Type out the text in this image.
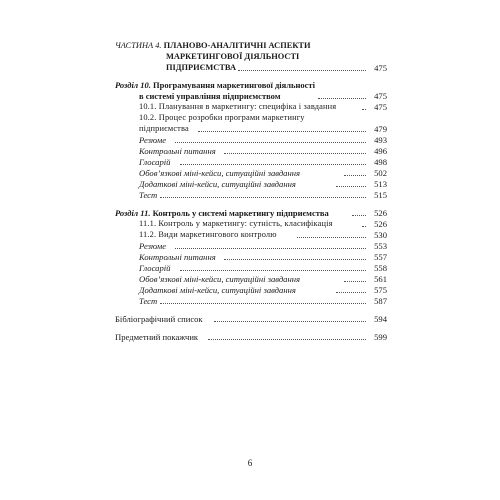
ЧАСТИНА 4. ПЛАНОВО-АНАЛІТИЧНІ АСПЕКТИ
МАРКЕТИНГОВОЇ ДІЯЛЬНОСТІ
ПІДПРИЄМСТВА	475
Розділ 10. Програмування маркетингової діяльності
в системі управління підприємством	475
10.1. Планування в маркетингу: специфіка і завдання	475
10.2. Процес розробки програми маркетингу
підприємства	479
Резюме	493
Контрольні питання	496
Глосарій	498
Обов’язкові міні-кейси, ситуаційні завдання	502
Додаткові міні-кейси, ситуаційні завдання	513
Тест	515
Розділ 11. Контроль у системі маркетингу підприємства	526
11.1. Контроль у маркетингу: сутність, класифікація	526
11.2. Види маркетингового контролю	530
Резюме	553
Контрольні питання	557
Глосарій	558
Обов’язкові міні-кейси, ситуаційні завдання	561
Додаткові міні-кейси, ситуаційні завдання	575
Тест	587
Бібліографічний список	594
Предметний покажчик	599
6
